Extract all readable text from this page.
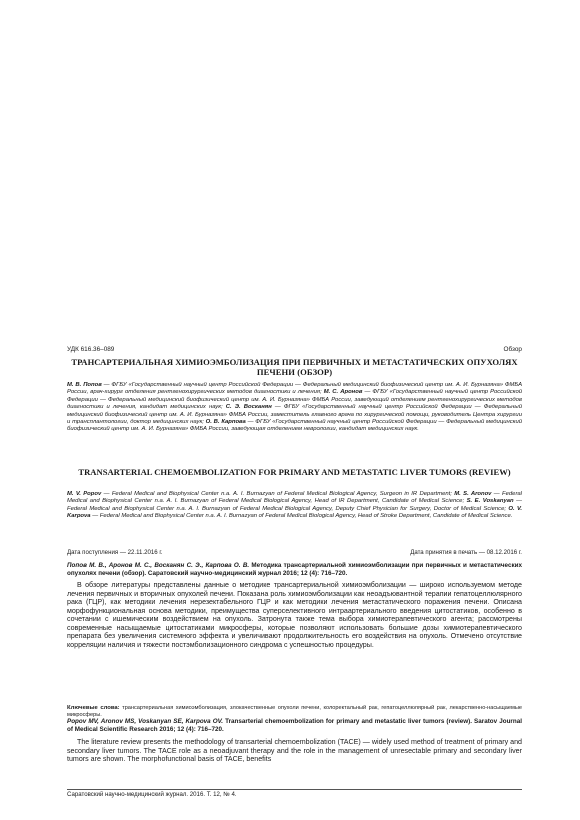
УДК 616.36–089	Обзор
ТРАНСАРТЕРИАЛЬНАЯ ХИМИОЭМБОЛИЗАЦИЯ ПРИ ПЕРВИЧНЫХ И МЕТАСТАТИЧЕСКИХ ОПУХОЛЯХ ПЕЧЕНИ (ОБЗОР)
М. В. Попов — ФГБУ «Государственный научный центр Российской Федерации — Федеральный медицинский биофизический центр им. А. И. Бурназяна» ФМБА России, врач-хирург отделения рентгенохирургических методов диагностики и лечения; М. С. Аронов — ФГБУ «Государственный научный центр Российской Федерации — Федеральный медицинский биофизический центр им. А. И. Бурназяна» ФМБА России, заведующий отделением рентгенохирургических методов диагностики и лечения, кандидат медицинских наук; С. Э. Восканян — ФГБУ «Государственный научный центр Российской Федерации — Федеральный медицинский биофизический центр им. А. И. Бурназяна» ФМБА России, заместитель главного врача по хирургической помощи, руководитель Центра хирургии и трансплантологии, доктор медицинских наук; О. В. Карпова — ФГБУ «Государственный научный центр Российской Федерации — Федеральный медицинский биофизический центр им. А. И. Бурназяна» ФМБА России, заведующая отделением неврологии, кандидат медицинских наук.
TRANSARTERIAL CHEMOEMBOLIZATION FOR PRIMARY AND METASTATIC LIVER TUMORS (REVIEW)
M. V. Popov — Federal Medical and Biophysical Center n.a. A. I. Burnazyan of Federal Medical Biological Agency, Surgeon in IR Department; M. S. Aronov — Federal Medical and Biophysical Center n.a. A. I. Burnazyan of Federal Medical Biological Agency, Head of IR Department, Candidate of Medical Science; S. E. Voskanyan — Federal Medical and Biophysical Center n.a. A. I. Burnazyan of Federal Medical Biological Agency, Deputy Chief Physician for Surgery, Doctor of Medical Science; O. V. Karpova — Federal Medical and Biophysical Center n.a. A. I. Burnazyan of Federal Medical Biological Agency, Head of Stroke Department, Candidate of Medical Science.
Дата поступления — 22.11.2016 г.	Дата принятия в печать — 08.12.2016 г.
Попов М. В., Аронов М. С., Восканян С. Э., Карпова О. В. Методика трансартериальной химиоэмболизации при первичных и метастатических опухолях печени (обзор). Саратовский научно-медицинский журнал 2016; 12 (4): 716–720.

В обзоре литературы представлены данные о методике трансартериальной химиоэмболизации — широко используемом методе лечения первичных и вторичных опухолей печени. Показана роль химиоэмболизации как неоадъювантной терапии гепатоцеллюлярного рака (ГЦР), как методики лечения нерезектабельного ГЦР и как методики лечения метастатического поражения печени. Описана морфофункциональная основа методики, преимущества суперселективного интраартериального введения цитостатиков, особенно в сочетании с ишемическим воздействием на опухоль. Затронута также тема выбора химиотерапевтического агента; рассмотрены современные насыщаемые цитостатиками микросферы, которые позволяют использовать большие дозы химиотерапевтического препарата без увеличения системного эффекта и увеличивают продолжительность его воздействия на опухоль. Отмечено отсутствие корреляции наличия и тяжести постэмболизационного синдрома с успешностью процедуры.

Ключевые слова: трансартериальная химиоэмболизация, злокачественные опухоли печени, колоректальный рак, гепатоцеллюлярный рак, лекарственно-насыщаемые микросферы.
Popov MV, Aronov MS, Voskanyan SE, Karpova OV. Transarterial chemoembolization for primary and metastatic liver tumors (review). Saratov Journal of Medical Scientific Research 2016; 12 (4): 716–720.

The literature review presents the methodology of transarterial chemoembolization (TACE) — widely used method of treatment of primary and secondary liver tumors. The TACE role as a neoadjuvant therapy and the role in the management of unresectable primary and secondary liver tumors are shown. The morphofunctional basis of TACE, benefits

Саратовский научно-медицинский журнал. 2016. Т. 12, № 4.
